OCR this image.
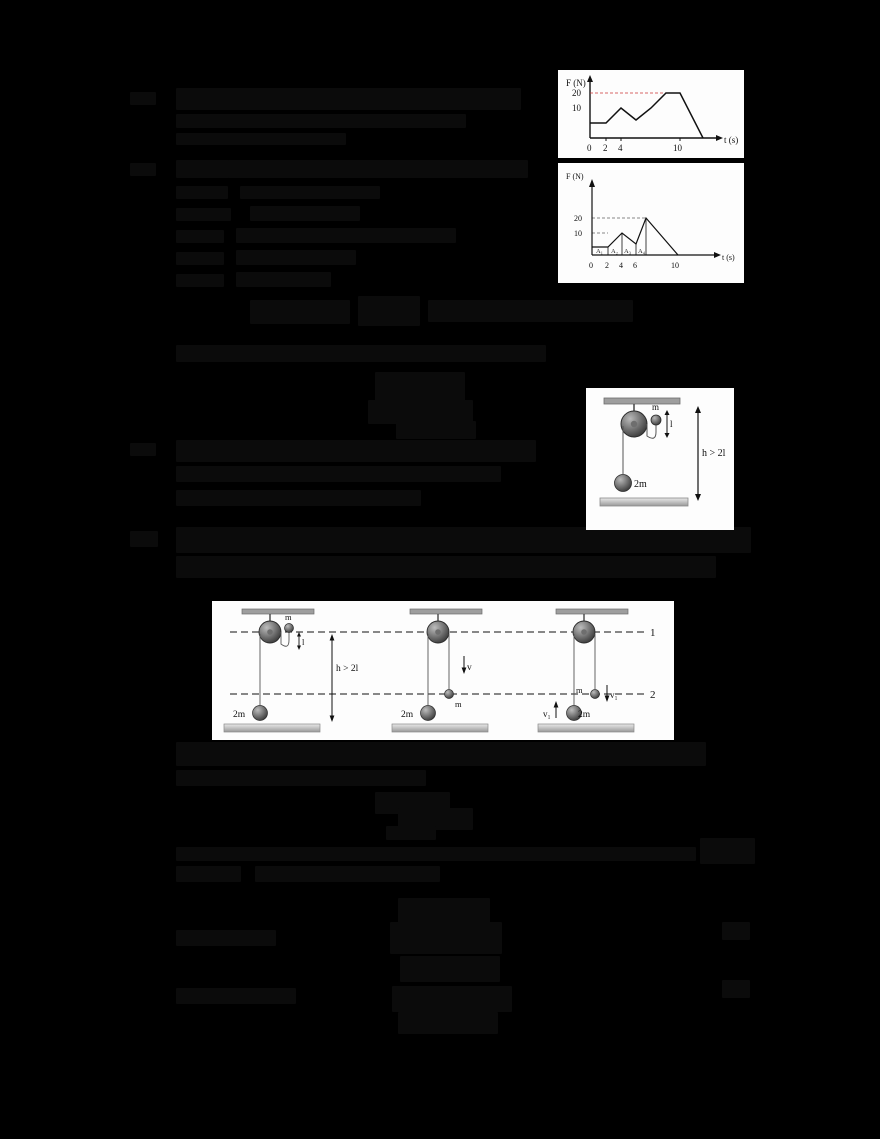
F (N)
t (s)
20
10
0 2 4	10
F (N)
t (s)
20
10
A₁ A₂ A₃ A₄
0 2 4 6	10
m
l
2m
h > 2l
1
2
m
l
2m
h > 2l
m
v
2m
m	v₁
2m
v₁
